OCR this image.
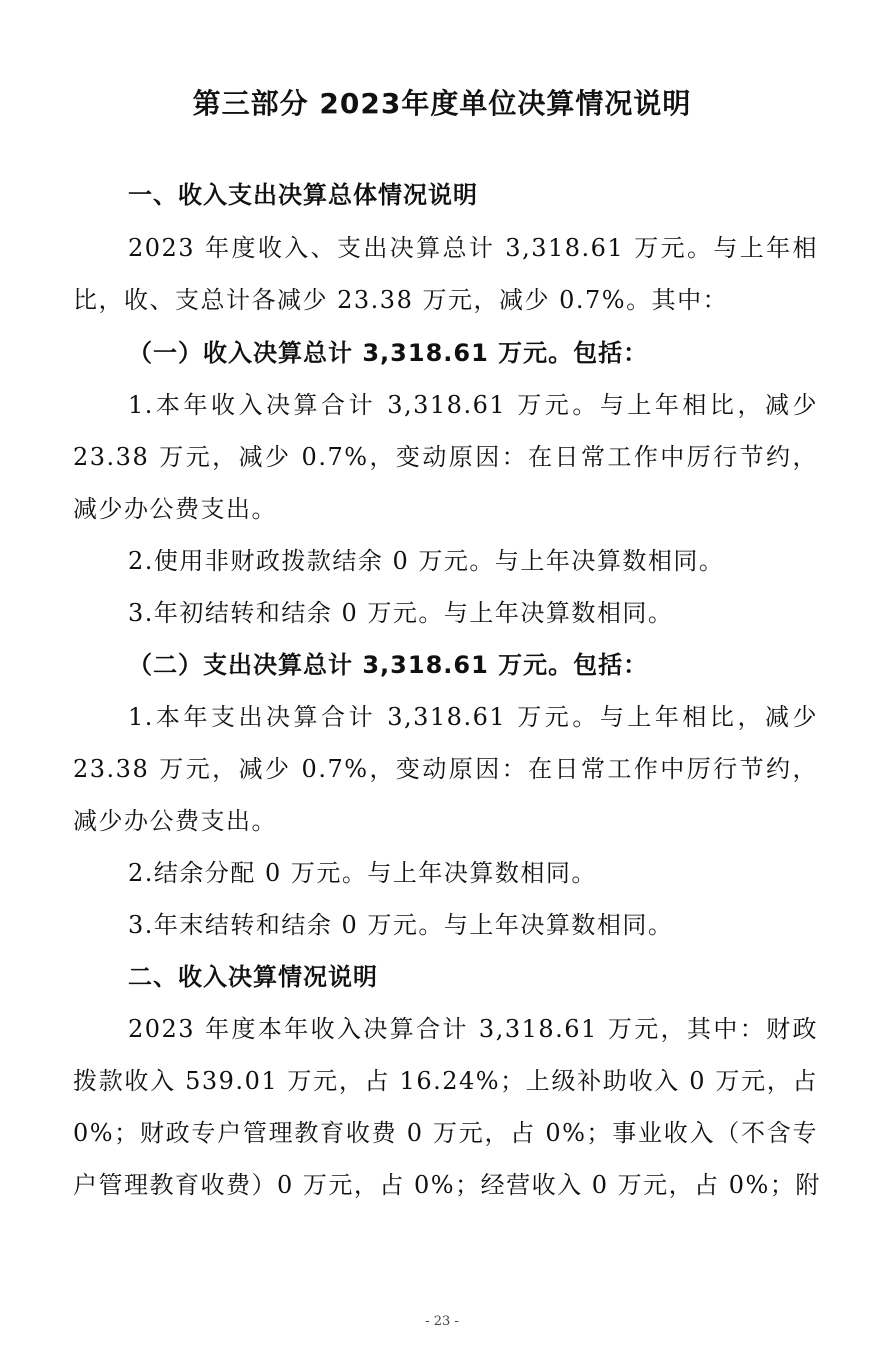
第三部分 2023年度单位决算情况说明

一、收入支出决算总体情况说明

2023 年度收入、支出决算总计 3,318.61 万元。与上年相

比，收、支总计各减少 23.38 万元，减少 0.7%。其中：

（一）收入决算总计 3,318.61 万元。包括：

1.本年收入决算合计 3,318.61 万元。与上年相比，减少

23.38 万元，减少 0.7%，变动原因：在日常工作中厉行节约，

减少办公费支出。

2.使用非财政拨款结余 0 万元。与上年决算数相同。

3.年初结转和结余 0 万元。与上年决算数相同。

（二）支出决算总计 3,318.61 万元。包括：

1.本年支出决算合计 3,318.61 万元。与上年相比，减少

23.38 万元，减少 0.7%，变动原因：在日常工作中厉行节约，

减少办公费支出。

2.结余分配 0 万元。与上年决算数相同。

3.年末结转和结余 0 万元。与上年决算数相同。

二、收入决算情况说明

2023 年度本年收入决算合计 3,318.61 万元，其中：财政

拨款收入 539.01 万元，占 16.24%；上级补助收入 0 万元，占

0%；财政专户管理教育收费 0 万元，占 0%；事业收入（不含专

户管理教育收费）0 万元，占 0%；经营收入 0 万元，占 0%；附

- 23 -
